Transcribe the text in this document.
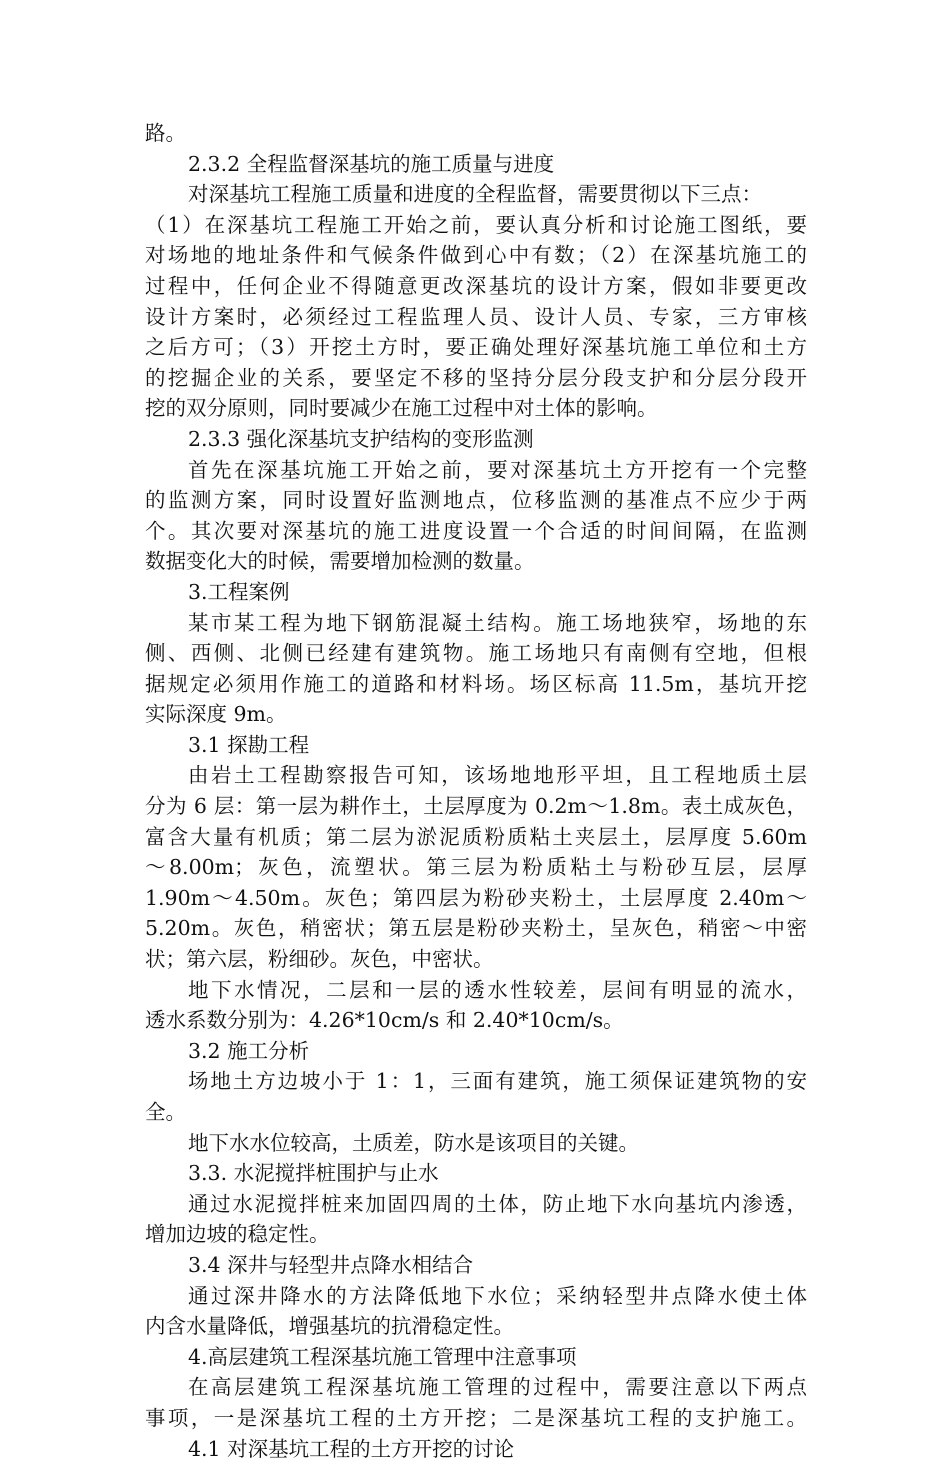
路。
2.3.2 全程监督深基坑的施工质量与进度
对深基坑工程施工质量和进度的全程监督，需要贯彻以下三点：
（1）在深基坑工程施工开始之前，要认真分析和讨论施工图纸，要
对场地的地址条件和气候条件做到心中有数；（2）在深基坑施工的
过程中，任何企业不得随意更改深基坑的设计方案，假如非要更改
设计方案时，必须经过工程监理人员、设计人员、专家，三方审核
之后方可；（3）开挖土方时，要正确处理好深基坑施工单位和土方
的挖掘企业的关系，要坚定不移的坚持分层分段支护和分层分段开
挖的双分原则，同时要减少在施工过程中对土体的影响。
2.3.3 强化深基坑支护结构的变形监测
首先在深基坑施工开始之前，要对深基坑土方开挖有一个完整
的监测方案，同时设置好监测地点，位移监测的基准点不应少于两
个。其次要对深基坑的施工进度设置一个合适的时间间隔，在监测
数据变化大的时候，需要增加检测的数量。
3.工程案例
某市某工程为地下钢筋混凝土结构。施工场地狭窄，场地的东
侧、西侧、北侧已经建有建筑物。施工场地只有南侧有空地，但根
据规定必须用作施工的道路和材料场。场区标高 11.5m，基坑开挖
实际深度 9m。
3.1 探勘工程
由岩土工程勘察报告可知，该场地地形平坦，且工程地质土层
分为 6 层：第一层为耕作土，土层厚度为 0.2m～1.8m。表土成灰色，
富含大量有机质；第二层为淤泥质粉质粘土夹层土，层厚度 5.60m
～8.00m；灰色，流塑状。第三层为粉质粘土与粉砂互层，层厚
1.90m～4.50m。灰色；第四层为粉砂夹粉土，土层厚度 2.40m～
5.20m。灰色，稍密状；第五层是粉砂夹粉土，呈灰色，稍密～中密
状；第六层，粉细砂。灰色，中密状。
地下水情况，二层和一层的透水性较差，层间有明显的流水，
透水系数分别为：4.26*10cm/s 和 2.40*10cm/s。
3.2 施工分析
场地土方边坡小于 1：1，三面有建筑，施工须保证建筑物的安
全。
地下水水位较高，土质差，防水是该项目的关键。
3.3. 水泥搅拌桩围护与止水
通过水泥搅拌桩来加固四周的土体，防止地下水向基坑内渗透，
增加边坡的稳定性。
3.4 深井与轻型井点降水相结合
通过深井降水的方法降低地下水位；采纳轻型井点降水使土体
内含水量降低，增强基坑的抗滑稳定性。
4.高层建筑工程深基坑施工管理中注意事项
在高层建筑工程深基坑施工管理的过程中，需要注意以下两点
事项，一是深基坑工程的土方开挖；二是深基坑工程的支护施工。
4.1 对深基坑工程的土方开挖的讨论
